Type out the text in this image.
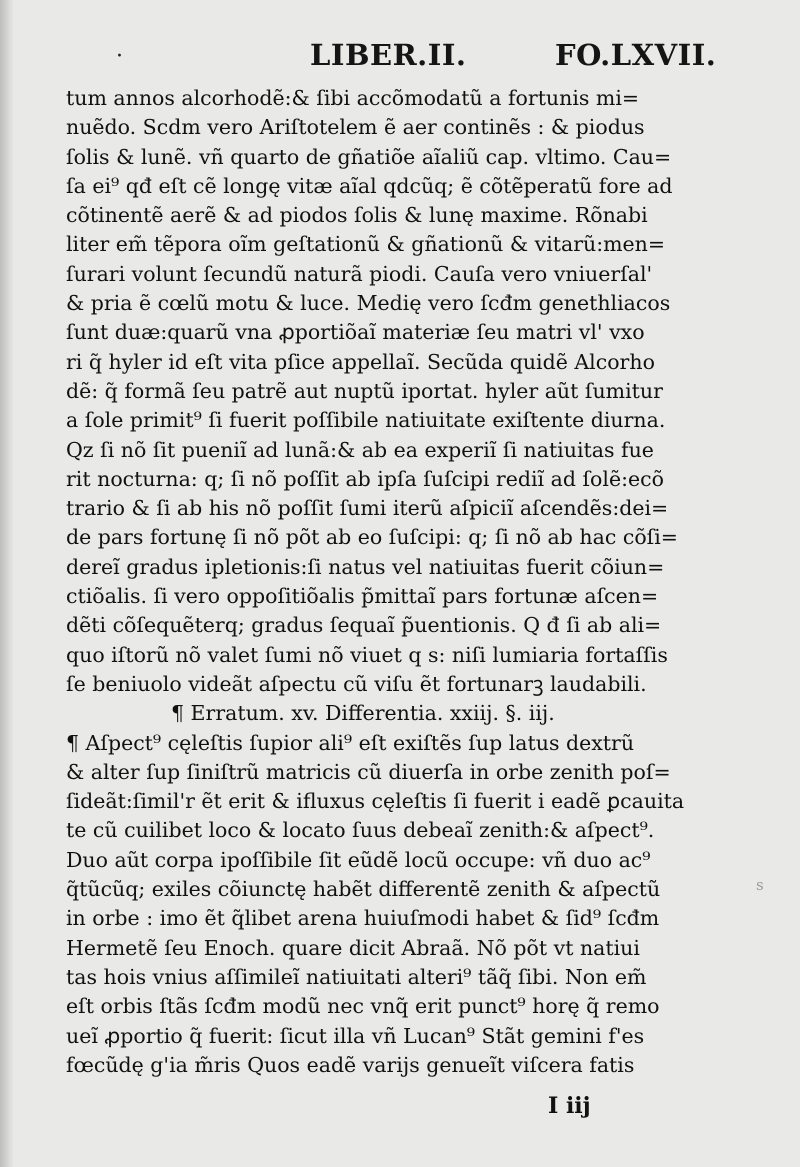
·	LIBER.II.	FO.LXVII.
tum annos alcorhodẽ:& ſibi accõmodatũ a fortunis mi=
nuẽdo. Scdm vero Ariſtotelem ẽ aer continẽs : & piodus
ſolis & lunẽ. vñ quarto de gñatiõe aĩaliũ cap. vltimo. Cau=
ſa ei⁹ qđ eſt cẽ longę vitæ aĩal qdcũq; ẽ cõtẽperatũ fore ad
cõtinentẽ aerẽ & ad piodos ſolis & lunę maxime. Rõnabi
liter em̃ tẽpora oĩm geſtationũ & gñationũ & vitarũ:men=
ſurari volunt ſecundũ naturã piodi. Cauſa vero vniuerſal'
& pria ẽ cœlũ motu & luce. Medię vero ſcđm genethliacos
ſunt duæ:quarũ vna ꝓportiõaĩ materiæ ſeu matri vl' vxo
ri q̃ hyler id eſt vita pſice appellaĩ. Secũda quidẽ Alcorho
dẽ: q̃ formã ſeu patrẽ aut nuptũ iportat. hyler aũt ſumitur
a ſole primit⁹ ſi fuerit poſſibile natiuitate exiſtente diurna.
Qz ſi nõ ſit pueniĩ ad lunã:& ab ea experiĩ ſi natiuitas fue
rit nocturna: q; ſi nõ poſſit ab ipſa ſuſcipi rediĩ ad ſolẽ:ecõ
trario & ſi ab his nõ poſſit ſumi iterũ aſpiciĩ aſcendẽs:dei=
de pars fortunę ſi nõ põt ab eo ſuſcipi: q; ſi nõ ab hac cõſi=
dereĩ gradus ipletionis:ſi natus vel natiuitas fuerit cõiun=
ctiõalis. ſi vero oppoſitiõalis p̃mittaĩ pars fortunæ aſcen=
dẽti cõſequẽterq; gradus ſequaĩ p̃uentionis. Q đ ſi ab ali=
quo iſtorũ nõ valet ſumi nõ viuet q s: niſi lumiaria fortaſſis
ſe beniuolo videãt aſpectu cũ viſu ẽt fortunarꝫ laudabili.
¶ Erratum. xv. Differentia. xxiij. §. iij.
¶ Aſpect⁹ cęleſtis ſupior ali⁹ eſt exiſtẽs ſup latus dextrũ
& alter ſup ſiniſtrũ matricis cũ diuerſa in orbe zenith poſ=
ſideãt:ſimil'r ẽt erit & ifluxus cęleſtis ſi fuerit i eadẽ ꝑcauita
te cũ cuilibet loco & locato ſuus debeaĩ zenith:& aſpect⁹.
Duo aũt corpa ipoſſibile ſit eũdẽ locũ occupe: vñ duo ac⁹
q̃tũcũq; exiles cõiunctę habẽt differentẽ zenith & aſpectũ
in orbe : imo ẽt q̃libet arena huiuſmodi habet & ſid⁹ ſcđm
Hermetẽ ſeu Enoch. quare dicit Abraã. Nõ põt vt natiui
tas hois vnius aſſimileĩ natiuitati alteri⁹ tãq̃ ſibi. Non em̃
eſt orbis ſtãs ſcđm modũ nec vnq̃ erit punct⁹ horę q̃ remo
ueĩ ꝓportio q̃ fuerit: ſicut illa vñ Lucan⁹ Stãt gemini f'es
fœcũdę g'ia m̃ris Quos eadẽ varijs genueĩt viſcera fatis
I iij
s
